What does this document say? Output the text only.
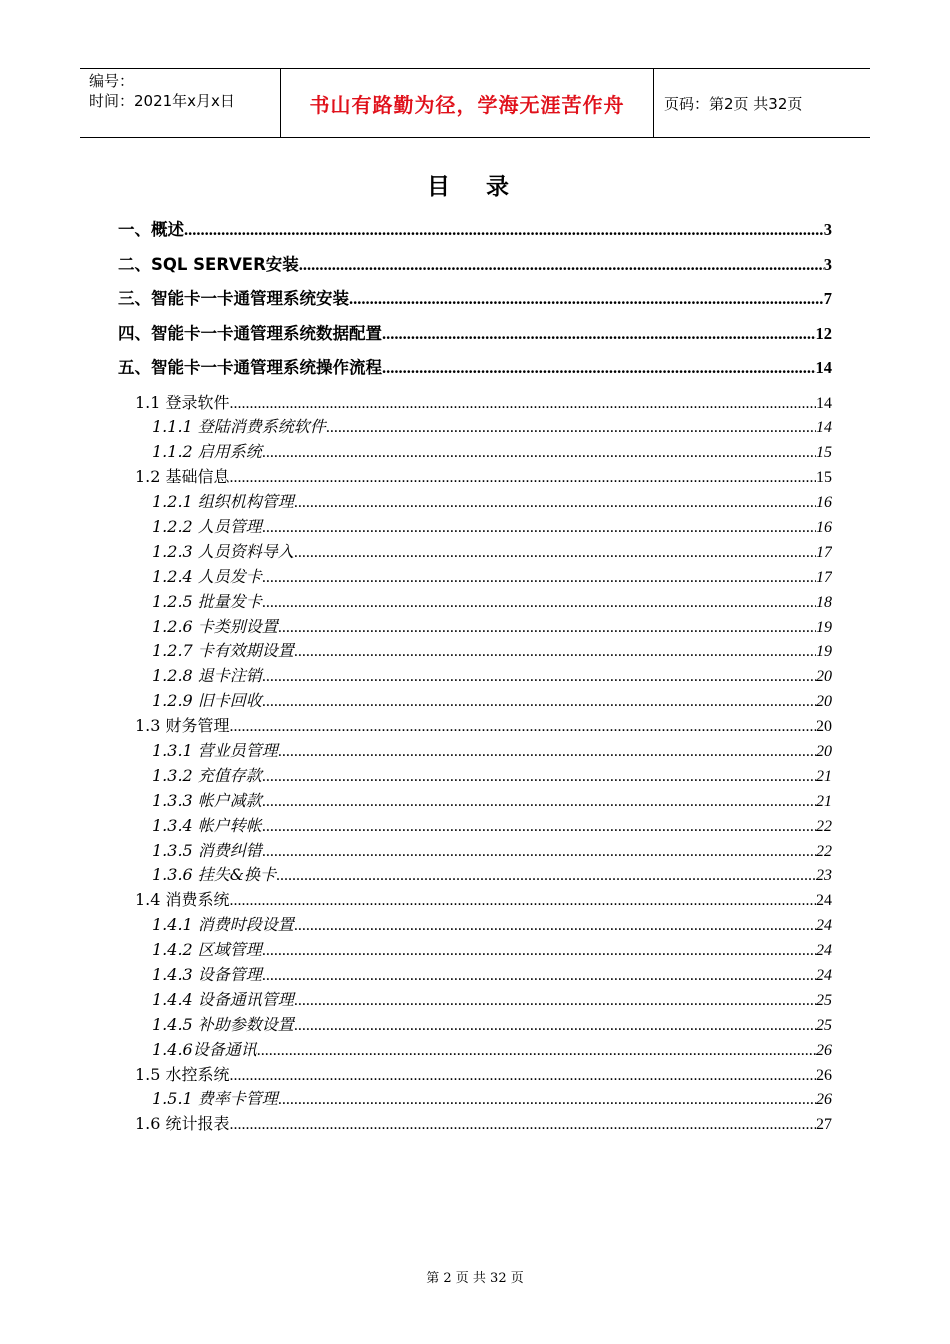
编号：
时间：2021年x月x日	书山有路勤为径，学海无涯苦作舟	页码：第2页 共32页
目 录
一、概述 .....	3
二、SQL SERVER安装 .....	3
三、智能卡一卡通管理系统安装 .....	7
四、智能卡一卡通管理系统数据配置 .....	12
五、智能卡一卡通管理系统操作流程 .....	14
1.1 登录软件 .....	14
1.1.1 登陆消费系统软件 .....	14
1.1.2 启用系统 .....	15
1.2 基础信息 .....	15
1.2.1 组织机构管理 .....	16
1.2.2 人员管理 .....	16
1.2.3 人员资料导入 .....	17
1.2.4 人员发卡 .....	17
1.2.5 批量发卡 .....	18
1.2.6 卡类别设置 .....	19
1.2.7 卡有效期设置 .....	19
1.2.8 退卡注销 .....	20
1.2.9 旧卡回收 .....	20
1.3 财务管理 .....	20
1.3.1 营业员管理 .....	20
1.3.2 充值存款 .....	21
1.3.3 帐户减款 .....	21
1.3.4 帐户转帐 .....	22
1.3.5 消费纠错 .....	22
1.3.6 挂失&换卡 .....	23
1.4 消费系统 .....	24
1.4.1 消费时段设置 .....	24
1.4.2 区域管理 .....	24
1.4.3 设备管理 .....	24
1.4.4 设备通讯管理 .....	25
1.4.5 补助参数设置 .....	25
1.4.6设备通讯 .....	26
1.5 水控系统 .....	26
1.5.1 费率卡管理 .....	26
1.6 统计报表 .....	27
第 2 页 共 32 页
